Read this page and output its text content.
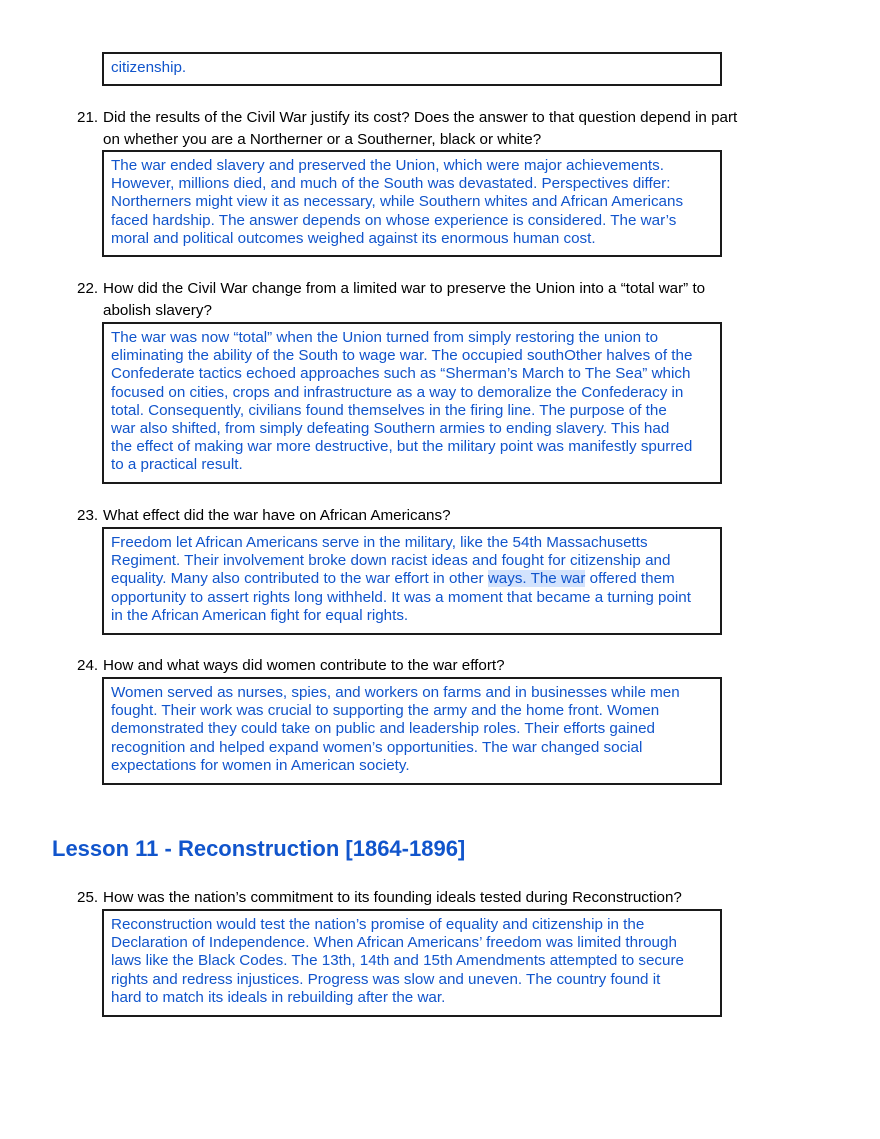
citizenship.
21. Did the results of the Civil War justify its cost? Does the answer to that question depend in part
on whether you are a Northerner or a Southerner, black or white?
The war ended slavery and preserved the Union, which were major achievements.
However, millions died, and much of the South was devastated. Perspectives differ:
Northerners might view it as necessary, while Southern whites and African Americans
faced hardship. The answer depends on whose experience is considered. The war’s
moral and political outcomes weighed against its enormous human cost.
22. How did the Civil War change from a limited war to preserve the Union into a “total war” to
abolish slavery?
The war was now “total” when the Union turned from simply restoring the union to
eliminating the ability of the South to wage war. The occupied southOther halves of the
Confederate tactics echoed approaches such as “Sherman’s March to The Sea” which
focused on cities, crops and infrastructure as a way to demoralize the Confederacy in
total. Consequently, civilians found themselves in the firing line. The purpose of the
war also shifted, from simply defeating Southern armies to ending slavery. This had
the effect of making war more destructive, but the military point was manifestly spurred
to a practical result.
23. What effect did the war have on African Americans?
Freedom let African Americans serve in the military, like the 54th Massachusetts
Regiment. Their involvement broke down racist ideas and fought for citizenship and
equality. Many also contributed to the war effort in other ways. The war offered them
opportunity to assert rights long withheld. It was a moment that became a turning point
in the African American fight for equal rights.
24. How and what ways did women contribute to the war effort?
Women served as nurses, spies, and workers on farms and in businesses while men
fought. Their work was crucial to supporting the army and the home front. Women
demonstrated they could take on public and leadership roles. Their efforts gained
recognition and helped expand women’s opportunities. The war changed social
expectations for women in American society.
Lesson 11 - Reconstruction [1864-1896]
25. How was the nation’s commitment to its founding ideals tested during Reconstruction?
Reconstruction would test the nation’s promise of equality and citizenship in the
Declaration of Independence. When African Americans’ freedom was limited through
laws like the Black Codes. The 13th, 14th and 15th Amendments attempted to secure
rights and redress injustices. Progress was slow and uneven. The country found it
hard to match its ideals in rebuilding after the war.
